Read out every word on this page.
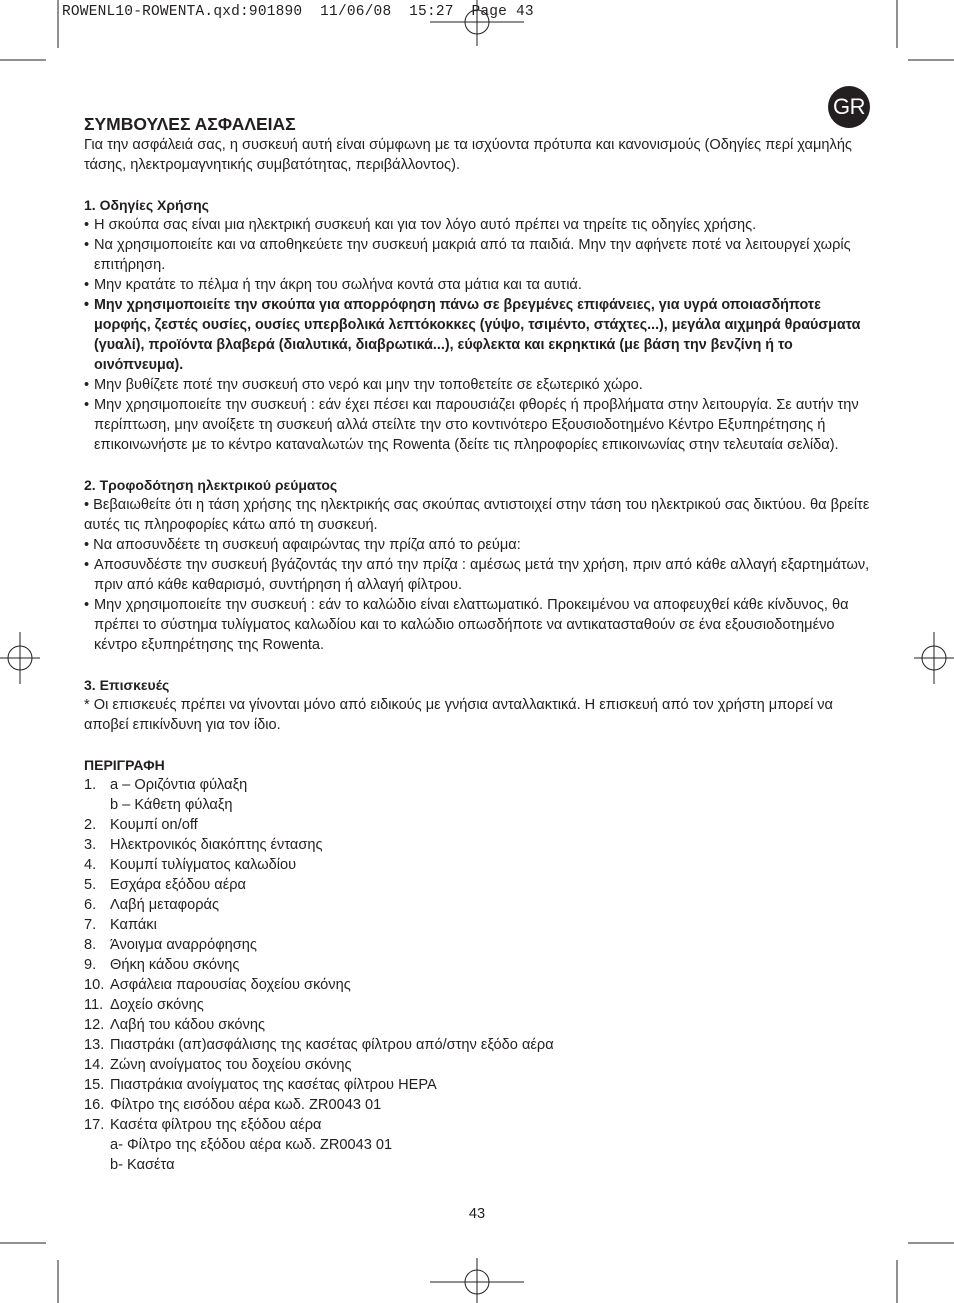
ROWENL10-ROWENTA.qxd:901890  11/06/08  15:27  Page 43
GR
ΣΥΜΒΟΥΛΕΣ ΑΣΦΑΛΕΙΑΣ

Για την ασφάλειά σας, η συσκευή αυτή είναι σύμφωνη με τα ισχύοντα πρότυπα και κανονισμούς (Οδηγίες περί χαμηλής τάσης, ηλεκτρομαγνητικής συμβατότητας, περιβάλλοντος).

1. Οδηγίες Χρήσης
• Η σκούπα σας είναι μια ηλεκτρική συσκευή και για τον λόγο αυτό πρέπει να τηρείτε τις οδηγίες χρήσης.
• Να χρησιμοποιείτε και να αποθηκεύετε την συσκευή μακριά από τα παιδιά. Μην την αφήνετε ποτέ να λειτουργεί χωρίς επιτήρηση.
• Μην κρατάτε το πέλμα ή την άκρη του σωλήνα κοντά στα μάτια και τα αυτιά.
• Μην χρησιμοποιείτε την σκούπα για απορρόφηση πάνω σε βρεγμένες επιφάνειες, για υγρά οποιασδήποτε μορφής, ζεστές ουσίες, ουσίες υπερβολικά λεπτόκοκκες (γύψο, τσιμέντο, στάχτες...), μεγάλα αιχμηρά θραύσματα (γυαλί), προϊόντα βλαβερά (διαλυτικά, διαβρωτικά...), εύφλεκτα και εκρηκτικά (με βάση την βενζίνη ή το οινόπνευμα).
• Μην βυθίζετε ποτέ την συσκευή στο νερό και μην την τοποθετείτε σε εξωτερικό χώρο.
• Μην χρησιμοποιείτε την συσκευή : εάν έχει πέσει και παρουσιάζει φθορές ή προβλήματα στην λειτουργία. Σε αυτήν την περίπτωση, μην ανοίξετε τη συσκευή αλλά στείλτε την στο κοντινότερο Εξουσιοδοτημένο Κέντρο Εξυπηρέτησης ή επικοινωνήστε με το κέντρο καταναλωτών της Rowenta (δείτε τις πληροφορίες επικοινωνίας στην τελευταία σελίδα).
2. Τροφοδότηση ηλεκτρικού ρεύματος

• Βεβαιωθείτε ότι η τάση χρήσης της ηλεκτρικής σας σκούπας αντιστοιχεί στην τάση του ηλεκτρικού σας δικτύου. θα βρείτε αυτές τις πληροφορίες κάτω από τη συσκευή.

• Να αποσυνδέετε τη συσκευή αφαιρώντας την πρίζα από το ρεύμα:

• Αποσυνδέστε την συσκευή βγάζοντάς την από την πρίζα : αμέσως μετά την χρήση, πριν από κάθε αλλαγή εξαρτημάτων, πριν από κάθε καθαρισμό, συντήρηση ή αλλαγή φίλτρου.
• Μην χρησιμοποιείτε την συσκευή : εάν το καλώδιο είναι ελαττωματικό. Προκειμένου να αποφευχθεί κάθε κίνδυνος, θα πρέπει το σύστημα τυλίγματος καλωδίου και το καλώδιο οπωσδήποτε να αντικατασταθούν σε ένα εξουσιοδοτημένο κέντρο εξυπηρέτησης της Rowenta.
3. Επισκευές

* Οι επισκευές πρέπει να γίνονται μόνο από ειδικούς με γνήσια ανταλλακτικά. Η επισκευή από τον χρήστη μπορεί να αποβεί επικίνδυνη για τον ίδιο.

ΠΕΡΙΓΡΑΦΗ
1. a – Οριζόντια φύλαξη
b – Κάθετη φύλαξη
2. Κουμπί on/off
3. Ηλεκτρονικός διακόπτης έντασης
4. Κουμπί τυλίγματος καλωδίου
5. Εσχάρα εξόδου αέρα
6. Λαβή μεταφοράς
7. Καπάκι
8. Άνοιγμα αναρρόφησης
9. Θήκη κάδου σκόνης
10. Ασφάλεια παρουσίας δοχείου σκόνης
11. Δοχείο σκόνης
12. Λαβή του κάδου σκόνης
13. Πιαστράκι (απ)ασφάλισης της κασέτας φίλτρου από/στην εξόδο αέρα
14. Ζώνη ανοίγματος του δοχείου σκόνης
15. Πιαστράκια ανοίγματος της κασέτας φίλτρου HEPA
16. Φίλτρο της εισόδου αέρα κωδ. ZR0043 01
17. Κασέτα φίλτρου της εξόδου αέρα
a- Φίλτρο της εξόδου αέρα κωδ. ZR0043 01
b- Κασέτα
43
